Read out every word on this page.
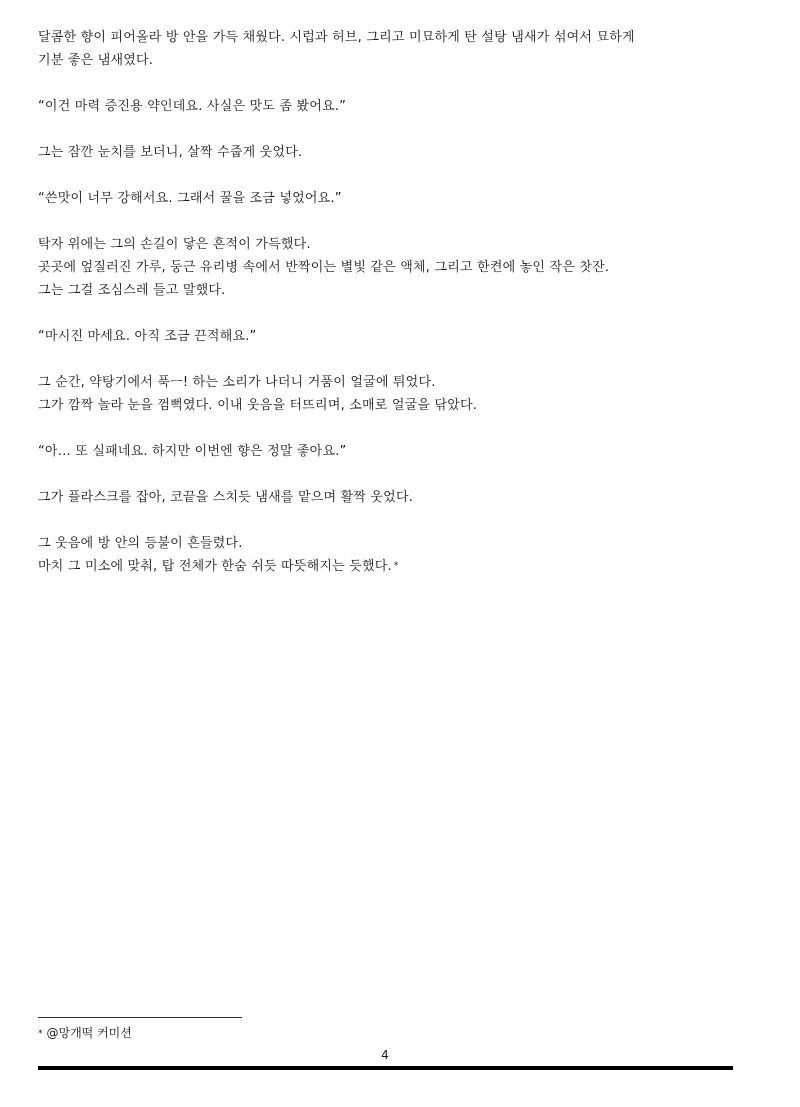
달콤한 향이 피어올라 방 안을 가득 채웠다. 시럽과 허브, 그리고 미묘하게 탄 설탕 냄새가 섞여서 묘하게
기분 좋은 냄새였다.

“이건 마력 증진용 약인데요. 사실은 맛도 좀 봤어요.”

그는 잠깐 눈치를 보더니, 살짝 수줍게 웃었다.

“쓴맛이 너무 강해서요. 그래서 꿀을 조금 넣었어요.”

탁자 위에는 그의 손길이 닿은 흔적이 가득했다.
곳곳에 엎질러진 가루, 둥근 유리병 속에서 반짝이는 별빛 같은 액체, 그리고 한켠에 놓인 작은 찻잔.
그는 그걸 조심스레 들고 말했다.

“마시진 마세요. 아직 조금 끈적해요.”

그 순간, 약탕기에서 푹ㅡ! 하는 소리가 나더니 거품이 얼굴에 튀었다.
그가 깜짝 놀라 눈을 껌뻑였다. 이내 웃음을 터뜨리며, 소매로 얼굴을 닦았다.

“아… 또 실패네요. 하지만 이번엔 향은 정말 좋아요.”

그가 플라스크를 잡아, 코끝을 스치듯 냄새를 맡으며 활짝 웃었다.

그 웃음에 방 안의 등불이 흔들렸다.
마치 그 미소에 맞춰, 탑 전체가 한숨 쉬듯 따뜻해지는 듯했다. *

* @망개떡 커미션
4
